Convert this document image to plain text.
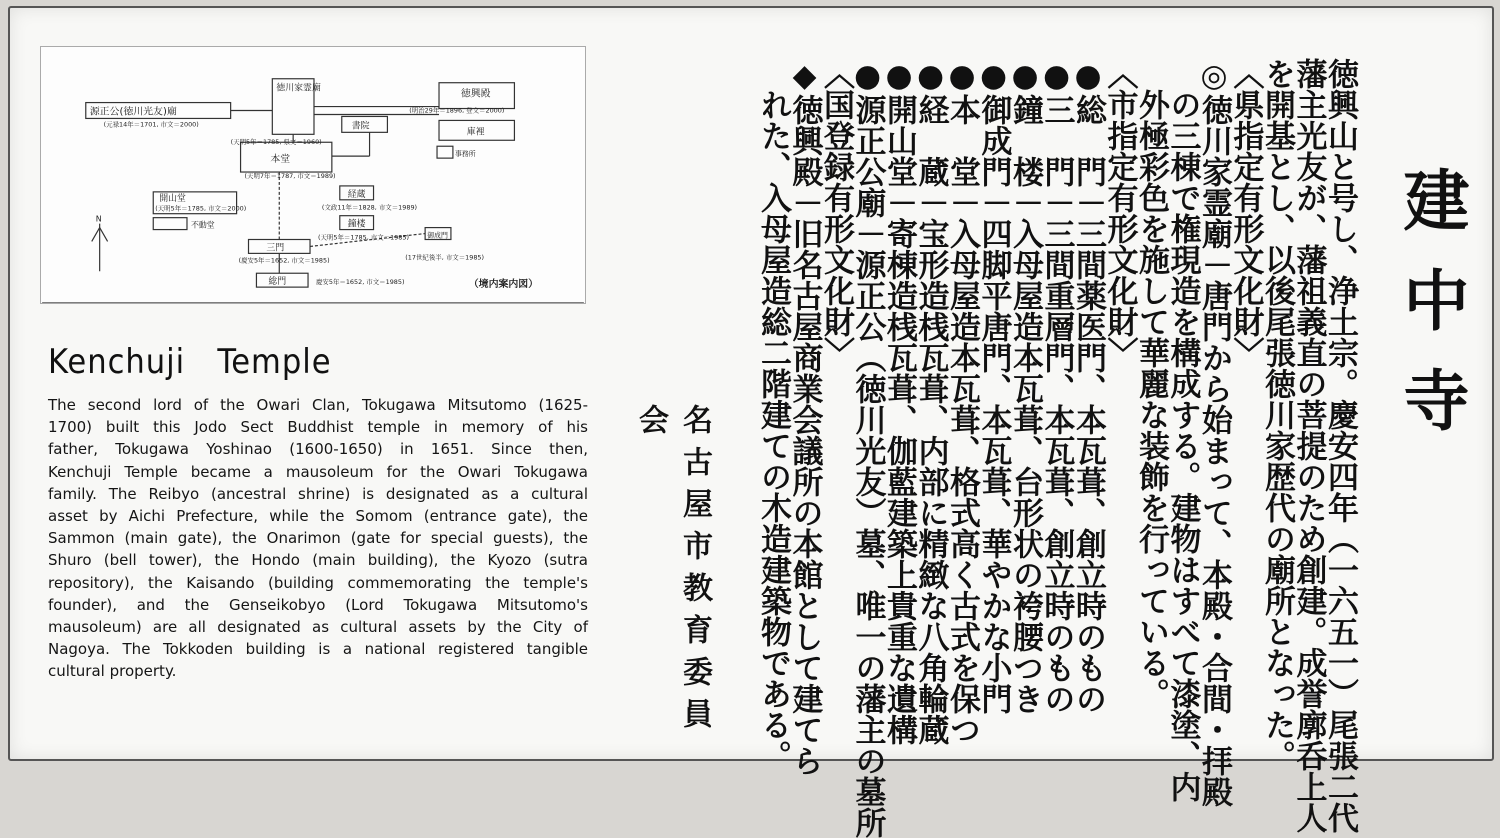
源正公(徳川光友)廟
(元禄14年＝1701, 市文＝2000)
徳川家霊廟
(天明5年＝1785, 県文＝1960)
書院
徳興殿
(明治29年＝1896, 登文＝2000)
庫裡
事務所
本堂
(天明7年＝1787, 市文＝1989)
経蔵
(文政11年＝1828, 市文＝1989)
鐘楼
(天明5年＝1785, 市文＝1985)
開山堂
(天明5年＝1785, 市文＝2000)
不動堂
三門
(慶安5年＝1652, 市文＝1985)
御成門
(17世紀後半, 市文＝1985)
総門	慶安5年＝1652, 市文＝1985)
N
（境内案内図）
Kenchuji   Temple
The second lord of the Owari Clan, Tokugawa Mitsutomo (1625-
1700) built this Jodo Sect Buddhist temple in memory of his
father, Tokugawa Yoshinao (1600-1650) in 1651. Since then,
Kenchuji Temple became a mausoleum for the Owari Tokugawa
family. The Reibyo (ancestral shrine) is designated as a cultural
asset by Aichi Prefecture, while the Somom (entrance gate), the
Sammon (main gate), the Onarimon (gate for special guests), the
Shuro (bell tower), the Hondo (main building), the Kyozo (sutra
repository), the Kaisando (building commemorating the temple's
founder), and the Genseikobyo (Lord Tokugawa Mitsutomo's
mausoleum) are all designated as cultural assets by the City of
Nagoya. The Tokkoden building is a national registered tangible
cultural property.
建中寺
名古屋市教育委員会	徳興山と号し、浄土宗。慶安四年（一六五一）尾張二代
藩主光友が、藩祖義直の菩提のため創建。成誉廓呑上人
を開基とし、以後尾張徳川家歴代の廟所となった。
〈県指定有形文化財〉
◎徳川家霊廟－唐門から始まって、本殿・合間・拝殿
　の三棟で権現造を構成する。建物はすべて漆塗、内
　外極彩色を施して華麗な装飾を行っている。
〈市指定有形文化財〉
●総　門－三間薬医門、本瓦葺、創立時のもの
●三　門－三間重層門、本瓦葺、創立時のもの
●鐘　楼－入母屋造本瓦葺、台形状の袴腰つき
●御成門－四脚平唐門、本瓦葺、華やかな小門
●本　堂－入母屋造本瓦葺、格式高く古式を保つ
●経　蔵－宝形造桟瓦葺、内部に精緻な八角輪蔵
●開山堂－寄棟造桟瓦葺、伽藍建築上貴重な遺構
●源正公廟－源正公（徳川光友）墓、唯一の藩主の墓所
〈国登録有形文化財〉
◆徳興殿－旧名古屋商業会議所の本館として建てら
　れた、入母屋造総二階建ての木造建築物である。
